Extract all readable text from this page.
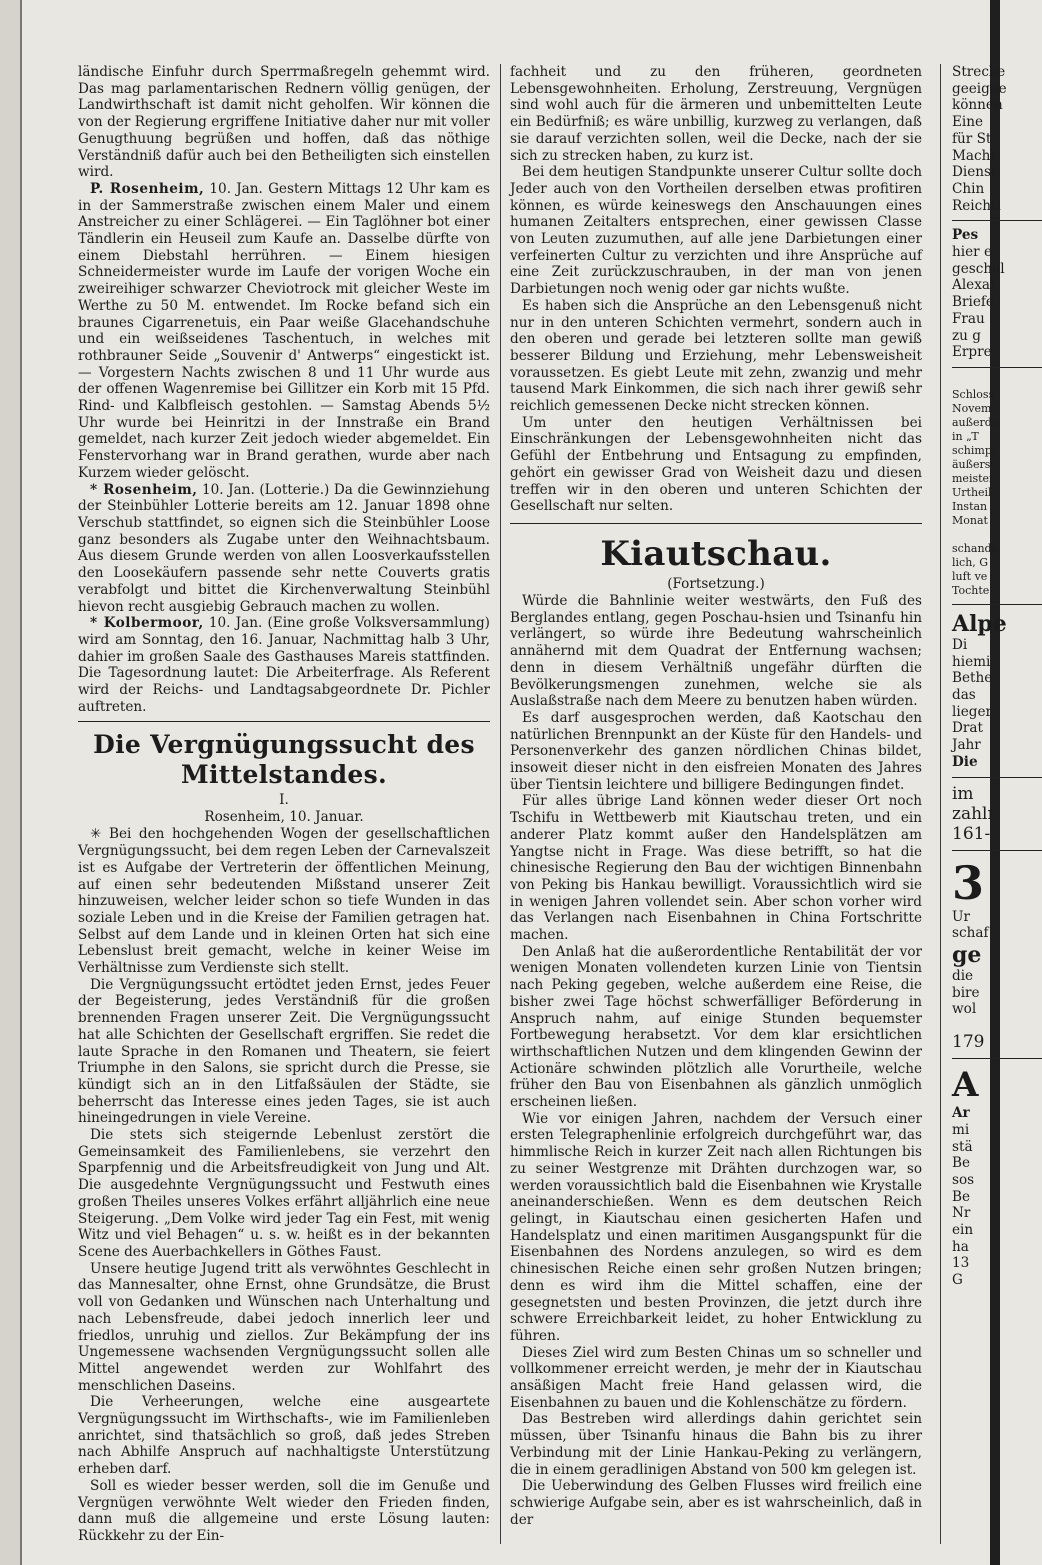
ländische Einfuhr durch Sperrmaßregeln gehemmt wird. Das mag parlamentarischen Rednern völlig genügen, der Landwirthschaft ist damit nicht geholfen. Wir können die von der Regierung ergriffene Initiative daher nur mit voller Genugthuung begrüßen und hoffen, daß das nöthige Verständniß dafür auch bei den Betheiligten sich einstellen wird.

P. Rosenheim, 10. Jan. Gestern Mittags 12 Uhr kam es in der Sammerstraße zwischen einem Maler und einem Anstreicher zu einer Schlägerei. — Ein Taglöhner bot einer Tändlerin ein Heuseil zum Kaufe an. Dasselbe dürfte von einem Diebstahl herrühren. — Einem hiesigen Schneidermeister wurde im Laufe der vorigen Woche ein zweireihiger schwarzer Cheviotrock mit gleicher Weste im Werthe zu 50 M. entwendet. Im Rocke befand sich ein braunes Cigarrenetuis, ein Paar weiße Glacehandschuhe und ein weißseidenes Taschentuch, in welches mit rothbrauner Seide „Souvenir d' Antwerps“ eingestickt ist. — Vorgestern Nachts zwischen 8 und 11 Uhr wurde aus der offenen Wagenremise bei Gillitzer ein Korb mit 15 Pfd. Rind- und Kalbfleisch gestohlen. — Samstag Abends 5½ Uhr wurde bei Heinritzi in der Innstraße ein Brand gemeldet, nach kurzer Zeit jedoch wieder abgemeldet. Ein Fenstervorhang war in Brand gerathen, wurde aber nach Kurzem wieder gelöscht.

* Rosenheim, 10. Jan. (Lotterie.) Da die Gewinnziehung der Steinbühler Lotterie bereits am 12. Januar 1898 ohne Verschub stattfindet, so eignen sich die Steinbühler Loose ganz besonders als Zugabe unter den Weihnachtsbaum. Aus diesem Grunde werden von allen Loosverkaufsstellen den Loosekäufern passende sehr nette Couverts gratis verabfolgt und bittet die Kirchenverwaltung Steinbühl hievon recht ausgiebig Gebrauch machen zu wollen.

* Kolbermoor, 10. Jan. (Eine große Volksversammlung) wird am Sonntag, den 16. Januar, Nachmittag halb 3 Uhr, dahier im großen Saale des Gasthauses Mareis stattfinden. Die Tagesordnung lautet: Die Arbeiterfrage. Als Referent wird der Reichs- und Landtagsabgeordnete Dr. Pichler auftreten.

Die Vergnügungssucht des Mittelstandes.

I.

Rosenheim, 10. Januar.

✳ Bei den hochgehenden Wogen der gesellschaftlichen Vergnügungssucht, bei dem regen Leben der Carnevalszeit ist es Aufgabe der Vertreterin der öffentlichen Meinung, auf einen sehr bedeutenden Mißstand unserer Zeit hinzuweisen, welcher leider schon so tiefe Wunden in das soziale Leben und in die Kreise der Familien getragen hat. Selbst auf dem Lande und in kleinen Orten hat sich eine Lebenslust breit gemacht, welche in keiner Weise im Verhältnisse zum Verdienste sich stellt.

Die Vergnügungssucht ertödtet jeden Ernst, jedes Feuer der Begeisterung, jedes Verständniß für die großen brennenden Fragen unserer Zeit. Die Vergnügungssucht hat alle Schichten der Gesellschaft ergriffen. Sie redet die laute Sprache in den Romanen und Theatern, sie feiert Triumphe in den Salons, sie spricht durch die Presse, sie kündigt sich an in den Litfaßsäulen der Städte, sie beherrscht das Interesse eines jeden Tages, sie ist auch hineingedrungen in viele Vereine.

Die stets sich steigernde Lebenlust zerstört die Gemeinsamkeit des Familienlebens, sie verzehrt den Sparpfennig und die Arbeitsfreudigkeit von Jung und Alt. Die ausgedehnte Vergnügungssucht und Festwuth eines großen Theiles unseres Volkes erfährt alljährlich eine neue Steigerung. „Dem Volke wird jeder Tag ein Fest, mit wenig Witz und viel Behagen“ u. s. w. heißt es in der bekannten Scene des Auerbachkellers in Göthes Faust.

Unsere heutige Jugend tritt als verwöhntes Geschlecht in das Mannesalter, ohne Ernst, ohne Grundsätze, die Brust voll von Gedanken und Wünschen nach Unterhaltung und nach Lebensfreude, dabei jedoch innerlich leer und friedlos, unruhig und ziellos. Zur Bekämpfung der ins Ungemessene wachsenden Vergnügungssucht sollen alle Mittel angewendet werden zur Wohlfahrt des menschlichen Daseins.

Die Verheerungen, welche eine ausgeartete Vergnügungssucht im Wirthschafts-, wie im Familienleben anrichtet, sind thatsächlich so groß, daß jedes Streben nach Abhilfe Anspruch auf nachhaltigste Unterstützung erheben darf.

Soll es wieder besser werden, soll die im Genuße und Vergnügen verwöhnte Welt wieder den Frieden finden, dann muß die allgemeine und erste Lösung lauten: Rückkehr zu der Ein-

fachheit und zu den früheren, geordneten Lebensgewohnheiten. Erholung, Zerstreuung, Vergnügen sind wohl auch für die ärmeren und unbemittelten Leute ein Bedürfniß; es wäre unbillig, kurzweg zu verlangen, daß sie darauf verzichten sollen, weil die Decke, nach der sie sich zu strecken haben, zu kurz ist.

Bei dem heutigen Standpunkte unserer Cultur sollte doch Jeder auch von den Vortheilen derselben etwas profitiren können, es würde keineswegs den Anschauungen eines humanen Zeitalters entsprechen, einer gewissen Classe von Leuten zuzumuthen, auf alle jene Darbietungen einer verfeinerten Cultur zu verzichten und ihre Ansprüche auf eine Zeit zurückzuschrauben, in der man von jenen Darbietungen noch wenig oder gar nichts wußte.

Es haben sich die Ansprüche an den Lebensgenuß nicht nur in den unteren Schichten vermehrt, sondern auch in den oberen und gerade bei letzteren sollte man gewiß besserer Bildung und Erziehung, mehr Lebensweisheit voraussetzen. Es giebt Leute mit zehn, zwanzig und mehr tausend Mark Einkommen, die sich nach ihrer gewiß sehr reichlich gemessenen Decke nicht strecken können.

Um unter den heutigen Verhältnissen bei Einschränkungen der Lebensgewohnheiten nicht das Gefühl der Entbehrung und Entsagung zu empfinden, gehört ein gewisser Grad von Weisheit dazu und diesen treffen wir in den oberen und unteren Schichten der Gesellschaft nur selten.

Kiautschau.

(Fortsetzung.)

Würde die Bahnlinie weiter westwärts, den Fuß des Berglandes entlang, gegen Poschau-hsien und Tsinanfu hin verlängert, so würde ihre Bedeutung wahrscheinlich annähernd mit dem Quadrat der Entfernung wachsen; denn in diesem Verhältniß ungefähr dürften die Bevölkerungsmengen zunehmen, welche sie als Auslaßstraße nach dem Meere zu benutzen haben würden.

Es darf ausgesprochen werden, daß Kaotschau den natürlichen Brennpunkt an der Küste für den Handels- und Personenverkehr des ganzen nördlichen Chinas bildet, insoweit dieser nicht in den eisfreien Monaten des Jahres über Tientsin leichtere und billigere Bedingungen findet.

Für alles übrige Land können weder dieser Ort noch Tschifu in Wettbewerb mit Kiautschau treten, und ein anderer Platz kommt außer den Handelsplätzen am Yangtse nicht in Frage. Was diese betrifft, so hat die chinesische Regierung den Bau der wichtigen Binnenbahn von Peking bis Hankau bewilligt. Voraussichtlich wird sie in wenigen Jahren vollendet sein. Aber schon vorher wird das Verlangen nach Eisenbahnen in China Fortschritte machen.

Den Anlaß hat die außerordentliche Rentabilität der vor wenigen Monaten vollendeten kurzen Linie von Tientsin nach Peking gegeben, welche außerdem eine Reise, die bisher zwei Tage höchst schwerfälliger Beförderung in Anspruch nahm, auf einige Stunden bequemster Fortbewegung herabsetzt. Vor dem klar ersichtlichen wirthschaftlichen Nutzen und dem klingenden Gewinn der Actionäre schwinden plötzlich alle Vorurtheile, welche früher den Bau von Eisenbahnen als gänzlich unmöglich erscheinen ließen.

Wie vor einigen Jahren, nachdem der Versuch einer ersten Telegraphenlinie erfolgreich durchgeführt war, das himmlische Reich in kurzer Zeit nach allen Richtungen bis zu seiner Westgrenze mit Drähten durchzogen war, so werden voraussichtlich bald die Eisenbahnen wie Krystalle aneinanderschießen. Wenn es dem deutschen Reich gelingt, in Kiautschau einen gesicherten Hafen und Handelsplatz und einen maritimen Ausgangspunkt für die Eisenbahnen des Nordens anzulegen, so wird es dem chinesischen Reiche einen sehr großen Nutzen bringen; denn es wird ihm die Mittel schaffen, eine der gesegnetsten und besten Provinzen, die jetzt durch ihre schwere Erreichbarkeit leidet, zu hoher Entwicklung zu führen.

Dieses Ziel wird zum Besten Chinas um so schneller und vollkommener erreicht werden, je mehr der in Kiautschau ansäßigen Macht freie Hand gelassen wird, die Eisenbahnen zu bauen und die Kohlenschätze zu fördern.

Das Bestreben wird allerdings dahin gerichtet sein müssen, über Tsinanfu hinaus die Bahn bis zu ihrer Verbindung mit der Linie Hankau-Peking zu verlängern, die in einem geradlinigen Abstand von 500 km gelegen ist.

Die Ueberwindung des Gelben Flusses wird freilich eine schwierige Aufgabe sein, aber es ist wahrscheinlich, daß in der

Strecke

geeigne

können

Eine

für St

Macht

Dienst

Chin

Reichtl

Pes

hier e

geschol

Alexar

Briefe

Frau

zu g

Erpre

Schloss

Novem

außerde

in „T

schimpf

äußerst

meister

Urtheil

Instan

Monat

schande

lich, G

luft ve

Tochte

Alpe

Di

hiemi

Bethe

das

lieger

Drat

Jahr

Die

im

zahlr

161-

3

Ur

schaf

ge

die

bire

wol

179

A

Ar

mi

stä

Be

sos

Be

Nr

ein

ha

13

G
